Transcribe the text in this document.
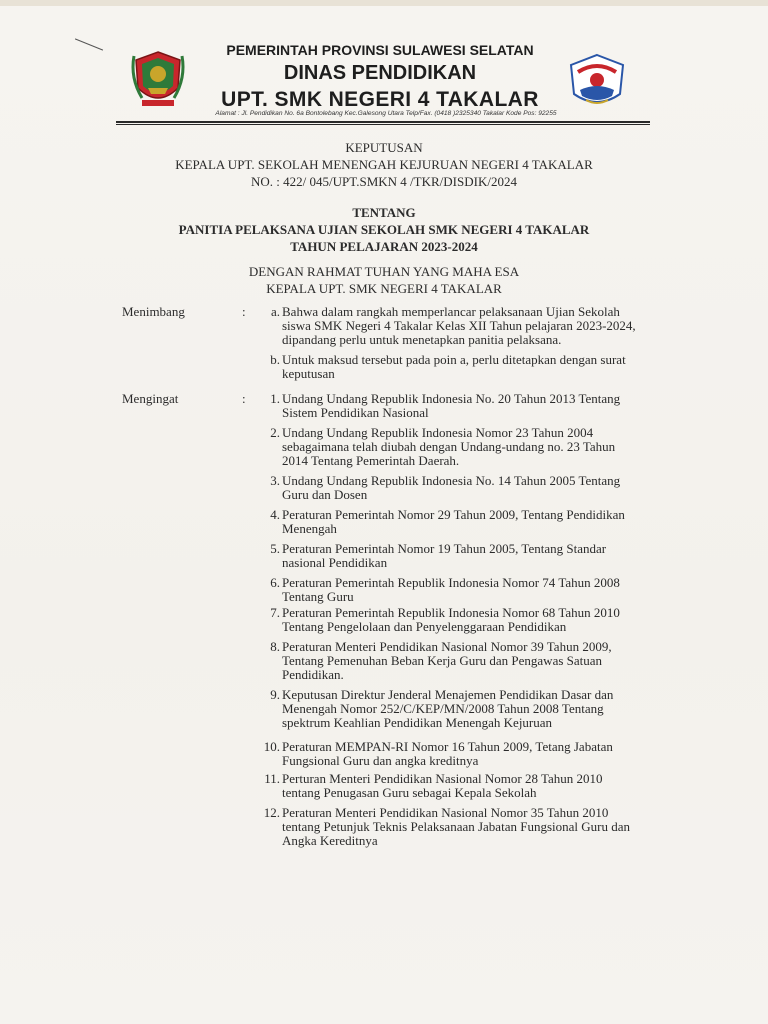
PEMERINTAH PROVINSI SULAWESI SELATAN
DINAS PENDIDIKAN
UPT. SMK NEGERI 4 TAKALAR
Alamat : Jl. Pendidikan No. 6a Bontolebang Kec.Galesong Utara Telp/Fax. (0418 )2325340 Takalar Kode Pos: 92255
KEPUTUSAN
KEPALA UPT. SEKOLAH MENENGAH KEJURUAN NEGERI 4 TAKALAR
NO. : 422/ 045/UPT.SMKN 4 /TKR/DISDIK/2024
TENTANG
PANITIA PELAKSANA UJIAN SEKOLAH SMK NEGERI 4 TAKALAR
TAHUN PELAJARAN 2023-2024
DENGAN RAHMAT TUHAN YANG MAHA ESA
KEPALA UPT. SMK NEGERI 4 TAKALAR
Menimbang	:	a. Bahwa dalam rangkah memperlancar pelaksanaan Ujian Sekolah
siswa SMK Negeri 4 Takalar Kelas XII Tahun pelajaran 2023-2024,
dipandang perlu untuk menetapkan panitia pelaksana.
b. Untuk maksud tersebut pada poin a, perlu ditetapkan dengan surat
keputusan
Mengingat	:	1. Undang Undang Republik Indonesia No. 20 Tahun 2013 Tentang
Sistem Pendidikan Nasional
2. Undang Undang Republik Indonesia Nomor 23 Tahun 2004
sebagaimana telah diubah dengan Undang-undang no. 23 Tahun
2014 Tentang Pemerintah Daerah.
3. Undang Undang Republik Indonesia No. 14 Tahun 2005 Tentang
Guru dan Dosen
4. Peraturan Pemerintah Nomor 29 Tahun 2009, Tentang Pendidikan
Menengah
5. Peraturan Pemerintah Nomor 19 Tahun 2005, Tentang Standar
nasional Pendidikan
6. Peraturan Pemerintah Republik Indonesia Nomor 74 Tahun 2008
Tentang Guru
7. Peraturan Pemerintah Republik Indonesia Nomor 68 Tahun 2010
Tentang Pengelolaan dan Penyelenggaraan Pendidikan
8. Peraturan Menteri Pendidikan Nasional Nomor 39 Tahun 2009,
Tentang Pemenuhan Beban Kerja Guru dan Pengawas Satuan
Pendidikan.
9. Keputusan Direktur Jenderal Menajemen Pendidikan Dasar dan
Menengah Nomor 252/C/KEP/MN/2008 Tahun 2008 Tentang
spektrum Keahlian Pendidikan Menengah Kejuruan
10. Peraturan MEMPAN-RI Nomor 16 Tahun 2009, Tetang Jabatan
Fungsional Guru dan angka kreditnya
11. Perturan Menteri Pendidikan Nasional Nomor 28 Tahun 2010
tentang Penugasan Guru sebagai Kepala Sekolah
12. Peraturan Menteri Pendidikan Nasional Nomor 35 Tahun 2010
tentang Petunjuk Teknis Pelaksanaan Jabatan Fungsional Guru dan
Angka Kereditnya
